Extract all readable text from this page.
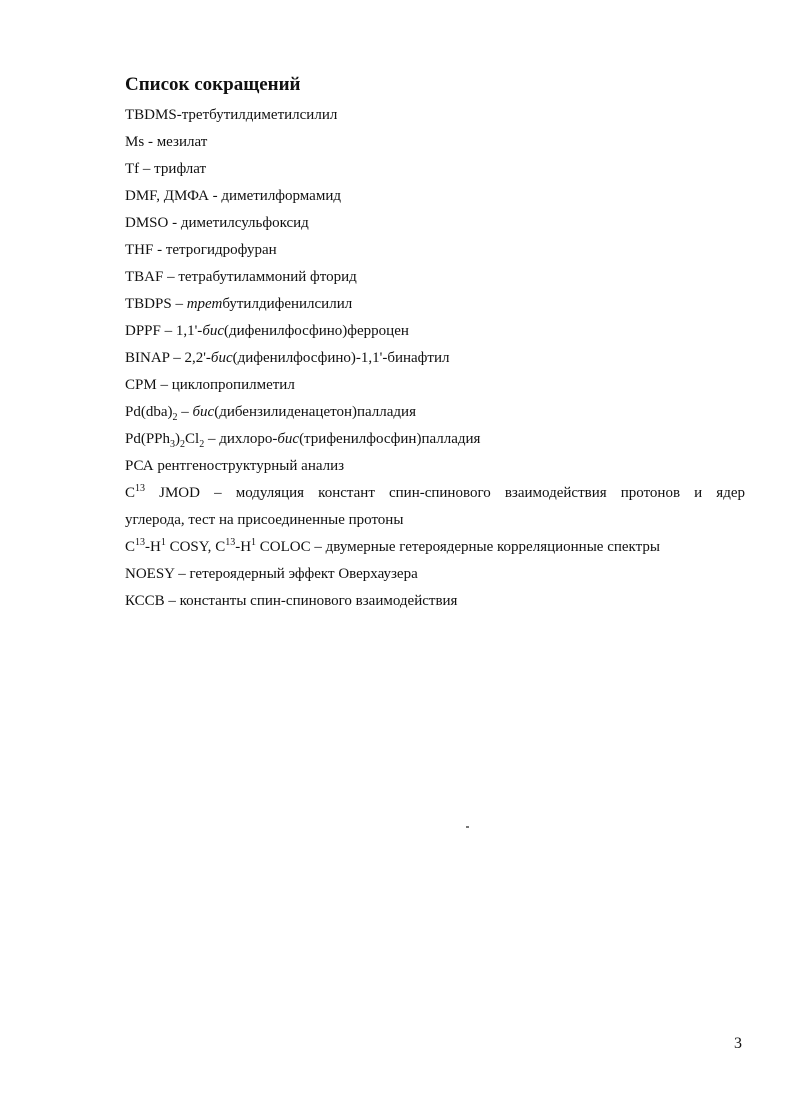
Список сокращений
TBDMS-третбутилдиметилсилил
Ms - мезилат
Tf – трифлат
DMF, ДМФА - диметилформамид
DMSO - диметилсульфоксид
THF - тетрогидрофуран
TBAF – тетрабутиламмоний фторид
TBDPS – третбутилдифенилсилил
DPPF – 1,1'-бис(дифенилфосфино)ферроцен
BINAP – 2,2'-бис(дифенилфосфино)-1,1'-бинафтил
CPM – циклопропилметил
$Pd(dba)_2$ – бис(дибензилиденацетон)палладия
$Pd(PPh_3)_2Cl_2$ – дихлоро-бис(трифенилфосфин)палладия
РСА рентгеноструктурный анализ
$C^{13}$ JMOD – модуляция констант спин-спинового взаимодействия протонов и ядер
углерода, тест на присоединенные протоны
$C^{13}-H^1$ COSY, $C^{13}-H^1$ COLOC – двумерные гетероядерные корреляционные спектры
NOESY – гетероядерный эффект Оверхаузера
КССВ – константы спин-спинового взаимодействия
3
